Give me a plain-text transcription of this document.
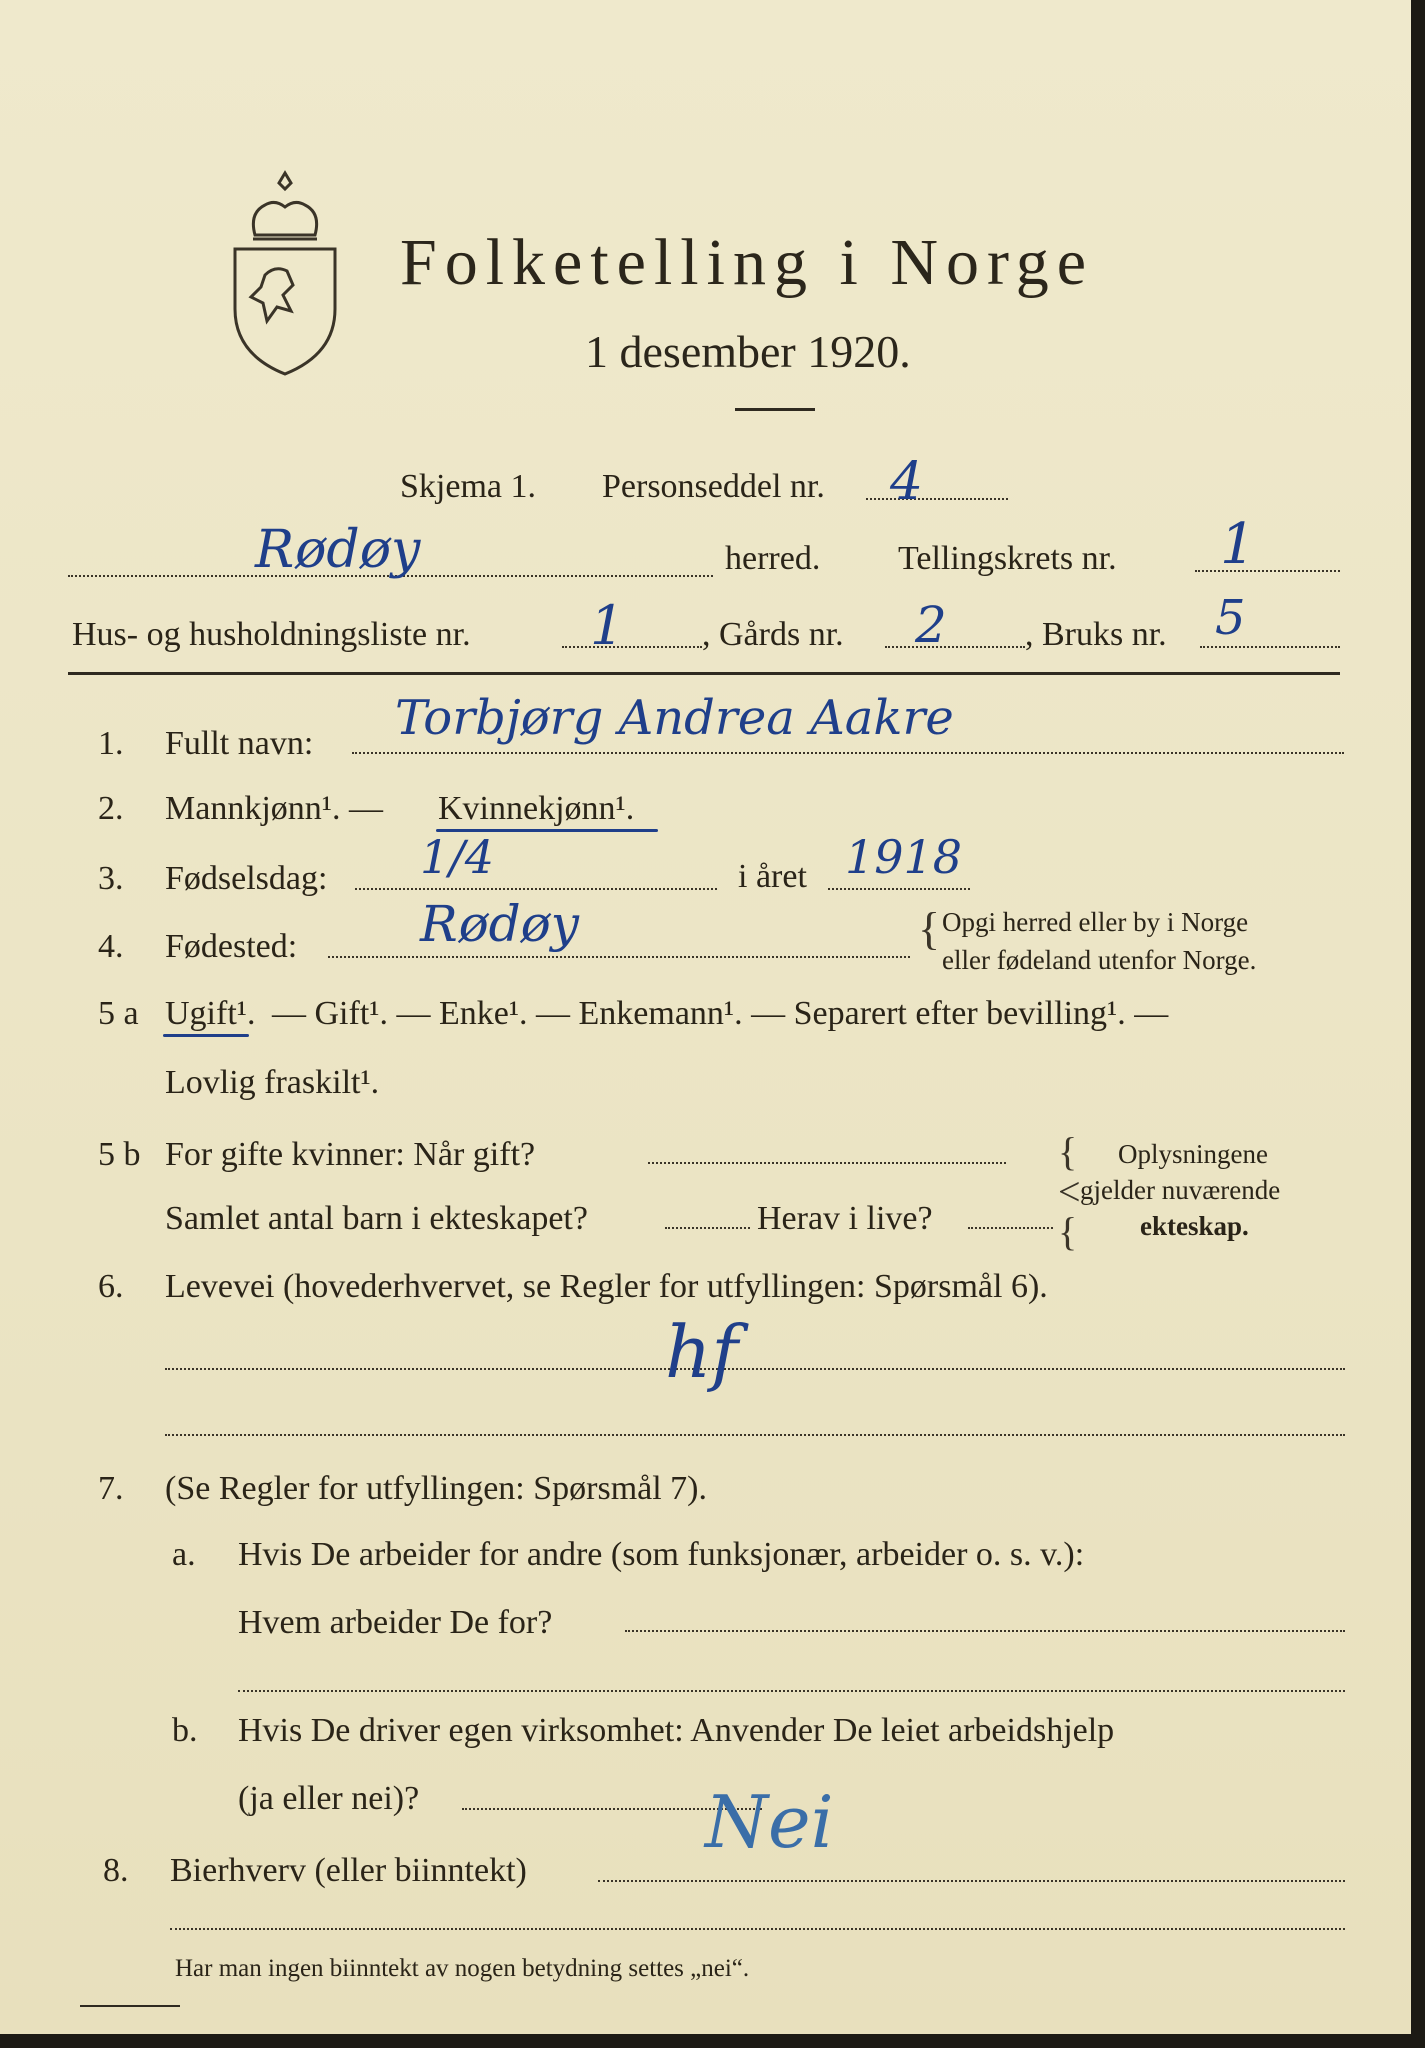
Folketelling i Norge
1 desember 1920.
Skjema 1. Personseddel nr. 4
Rødøy	herred. Tellingskrets nr. 1
Hus- og husholdningsliste nr. 1 , Gårds nr. 2 , Bruks nr. 5
1. Fullt navn: Torbjørg Andrea Aakre
2. Mannkjønn¹. — Kvinnekjønn¹.
3. Fødselsdag: 1/4	i året 1918
4. Fødested: Rødøy	{ Opgi herred eller by i Norge
eller fødeland utenfor Norge.
5 a Ugift¹. — Gift¹. — Enke¹. — Enkemann¹. — Separert efter bevilling¹. —
Lovlig fraskilt¹.
5 b For gifte kvinner: Når gift?
Samlet antal barn i ekteskapet?	Herav i live?
{
<
{
Oplysningene
gjelder nuværende
ekteskap.
6. Levevei (hovederhvervet, se Regler for utfyllingen: Spørsmål 6).
hf
7. (Se Regler for utfyllingen: Spørsmål 7).
a. Hvis De arbeider for andre (som funksjonær, arbeider o. s. v.):
Hvem arbeider De for?
b. Hvis De driver egen virksomhet: Anvender De leiet arbeidshjelp
(ja eller nei)?
8. Bierhverv (eller biinntekt)
Nei
Har man ingen biinntekt av nogen betydning settes „nei“.
